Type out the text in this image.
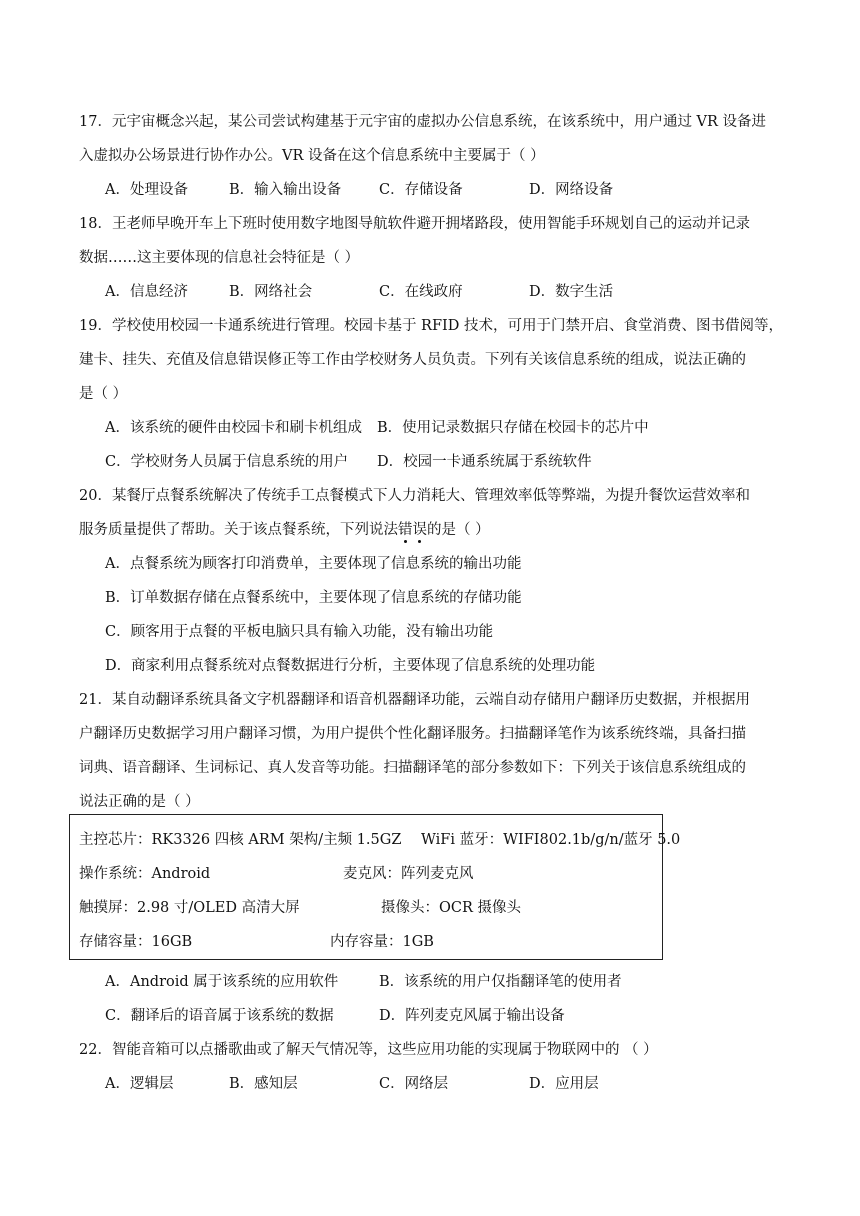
17．元宇宙概念兴起，某公司尝试构建基于元宇宙的虚拟办公信息系统，在该系统中，用户通过 VR 设备进
入虚拟办公场景进行协作办公。VR 设备在这个信息系统中主要属于（ ）
A．处理设备	B．输入输出设备	C．存储设备	D．网络设备
18．王老师早晚开车上下班时使用数字地图导航软件避开拥堵路段，使用智能手环规划自己的运动并记录
数据……这主要体现的信息社会特征是（ ）
A．信息经济	B．网络社会	C．在线政府	D．数字生活
19．学校使用校园一卡通系统进行管理。校园卡基于 RFID 技术，可用于门禁开启、食堂消费、图书借阅等，
建卡、挂失、充值及信息错误修正等工作由学校财务人员负责。下列有关该信息系统的组成，说法正确的
是（ ）
A．该系统的硬件由校园卡和刷卡机组成 B．使用记录数据只存储在校园卡的芯片中
C．学校财务人员属于信息系统的用户 D．校园一卡通系统属于系统软件
20．某餐厅点餐系统解决了传统手工点餐模式下人力消耗大、管理效率低等弊端，为提升餐饮运营效率和
服务质量提供了帮助。关于该点餐系统，下列说法错误的是（ ）
A．点餐系统为顾客打印消费单，主要体现了信息系统的输出功能
B．订单数据存储在点餐系统中，主要体现了信息系统的存储功能
C．顾客用于点餐的平板电脑只具有输入功能，没有输出功能
D．商家利用点餐系统对点餐数据进行分析，主要体现了信息系统的处理功能
21．某自动翻译系统具备文字机器翻译和语音机器翻译功能，云端自动存储用户翻译历史数据，并根据用
户翻译历史数据学习用户翻译习惯，为用户提供个性化翻译服务。扫描翻译笔作为该系统终端，具备扫描
词典、语音翻译、生词标记、真人发音等功能。扫描翻译笔的部分参数如下：下列关于该信息系统组成的
说法正确的是（ ）
主控芯片：RK3326 四核 ARM 架构/主频 1.5GZ WiFi 蓝牙：WIFI802.1b/g/n/蓝牙 5.0
操作系统：Android	麦克风：阵列麦克风
触摸屏：2.98 寸/OLED 高清大屏	摄像头：OCR 摄像头
存储容量：16GB	内存容量：1GB
A．Android 属于该系统的应用软件	B．该系统的用户仅指翻译笔的使用者
C．翻译后的语音属于该系统的数据	D．阵列麦克风属于输出设备
22．智能音箱可以点播歌曲或了解天气情况等，这些应用功能的实现属于物联网中的 （ ）
A．逻辑层	B．感知层	C．网络层	D．应用层
